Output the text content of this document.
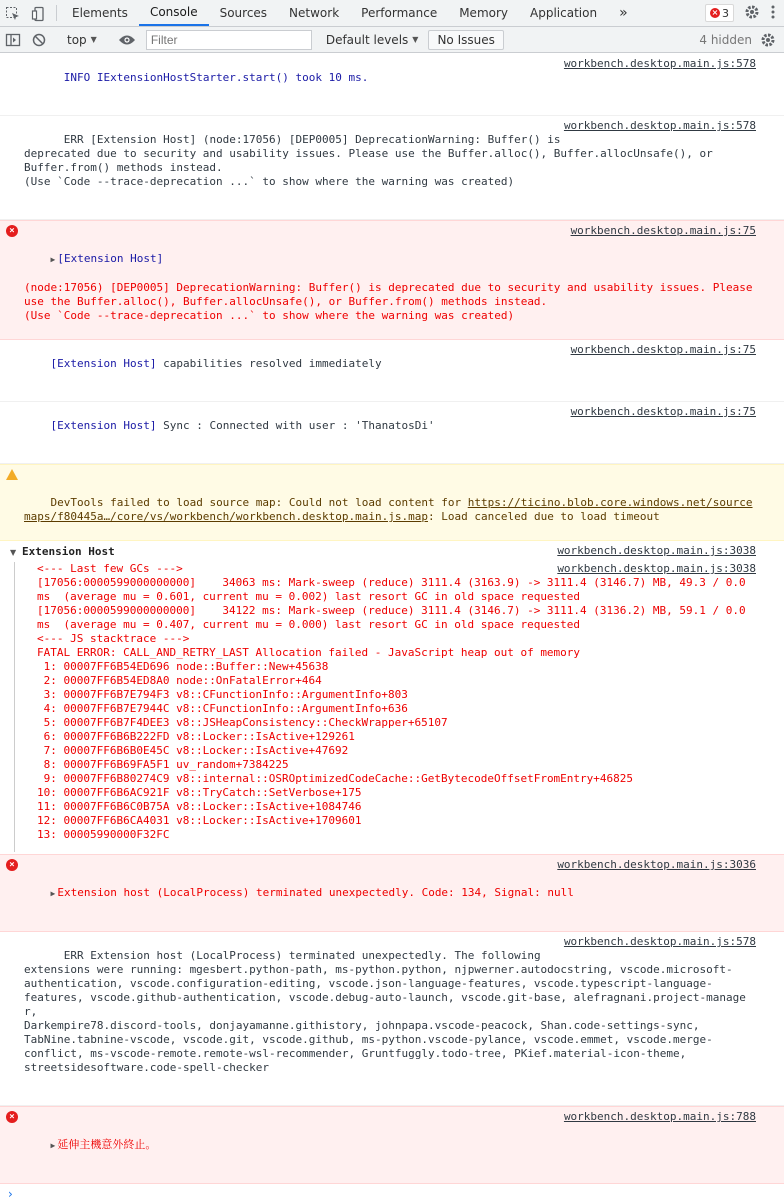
Elements	Console	Sources	Network	Performance	Memory	Application	»	× 3
top ▼
Filter	Default levels ▼ No Issues	4 hidden

INFO IExtensionHostStarter.start() took 10 ms.

workbench.desktop.main.js:578

ERR [Extension Host] (node:17056) [DEP0005] DeprecationWarning: Buffer() is
deprecated due to security and usability issues. Please use the Buffer.alloc(), Buffer.allocUnsafe(), or
Buffer.from() methods instead.
(Use `Code --trace-deprecation ...` to show where the warning was created)

workbench.desktop.main.js:578

×

▶ [Extension Host]

workbench.desktop.main.js:75

(node:17056) [DEP0005] DeprecationWarning: Buffer() is deprecated due to security and usability issues. Please
use the Buffer.alloc(), Buffer.allocUnsafe(), or Buffer.from() methods instead.
(Use `Code --trace-deprecation ...` to show where the warning was created)

[Extension Host] capabilities resolved immediately

workbench.desktop.main.js:75

[Extension Host] Sync : Connected with user : 'ThanatosDi'

workbench.desktop.main.js:75

DevTools failed to load source map: Could not load content for https://ticino.blob.core.windows.net/sourcemaps/f80445a…/core/vs/workbench/workbench.desktop.main.js.map: Load canceled due to load timeout

▼ Extension Host	workbench.desktop.main.js:3038
workbench.desktop.main.js:3038
<--- Last few GCs --->
[17056:0000599000000000]    34063 ms: Mark-sweep (reduce) 3111.4 (3163.9) -> 3111.4 (3146.7) MB, 49.3 / 0.0
ms  (average mu = 0.601, current mu = 0.002) last resort GC in old space requested
[17056:0000599000000000]    34122 ms: Mark-sweep (reduce) 3111.4 (3146.7) -> 3111.4 (3136.2) MB, 59.1 / 0.0
ms  (average mu = 0.407, current mu = 0.000) last resort GC in old space requested
<--- JS stacktrace --->
FATAL ERROR: CALL_AND_RETRY_LAST Allocation failed - JavaScript heap out of memory
1: 00007FF6B54ED696 node::Buffer::New+45638
2: 00007FF6B54ED8A0 node::OnFatalError+464
3: 00007FF6B7E794F3 v8::CFunctionInfo::ArgumentInfo+803
4: 00007FF6B7E7944C v8::CFunctionInfo::ArgumentInfo+636
5: 00007FF6B7F4DEE3 v8::JSHeapConsistency::CheckWrapper+65107
6: 00007FF6B6B222FD v8::Locker::IsActive+129261
7: 00007FF6B6B0E45C v8::Locker::IsActive+47692
8: 00007FF6B69FA5F1 uv_random+7384225
9: 00007FF6B80274C9 v8::internal::OSROptimizedCodeCache::GetBytecodeOffsetFromEntry+46825
10: 00007FF6B6AC921F v8::TryCatch::SetVerbose+175
11: 00007FF6B6C0B75A v8::Locker::IsActive+1084746
12: 00007FF6B6CA4031 v8::Locker::IsActive+1709601
13: 00005990000F32FC

×

▶ Extension host (LocalProcess) terminated unexpectedly. Code: 134, Signal: null

workbench.desktop.main.js:3036

ERR Extension host (LocalProcess) terminated unexpectedly. The following
extensions were running: mgesbert.python-path, ms-python.python, njpwerner.autodocstring, vscode.microsoft-
authentication, vscode.configuration-editing, vscode.json-language-features, vscode.typescript-language-
features, vscode.github-authentication, vscode.debug-auto-launch, vscode.git-base, alefragnani.project-manager,
Darkempire78.discord-tools, donjayamanne.githistory, johnpapa.vscode-peacock, Shan.code-settings-sync,
TabNine.tabnine-vscode, vscode.git, vscode.github, ms-python.vscode-pylance, vscode.emmet, vscode.merge-
conflict, ms-vscode-remote.remote-wsl-recommender, Gruntfuggly.todo-tree, PKief.material-icon-theme,
streetsidesoftware.code-spell-checker

workbench.desktop.main.js:578

×

▶ 延伸主機意外終止。

workbench.desktop.main.js:788

›
